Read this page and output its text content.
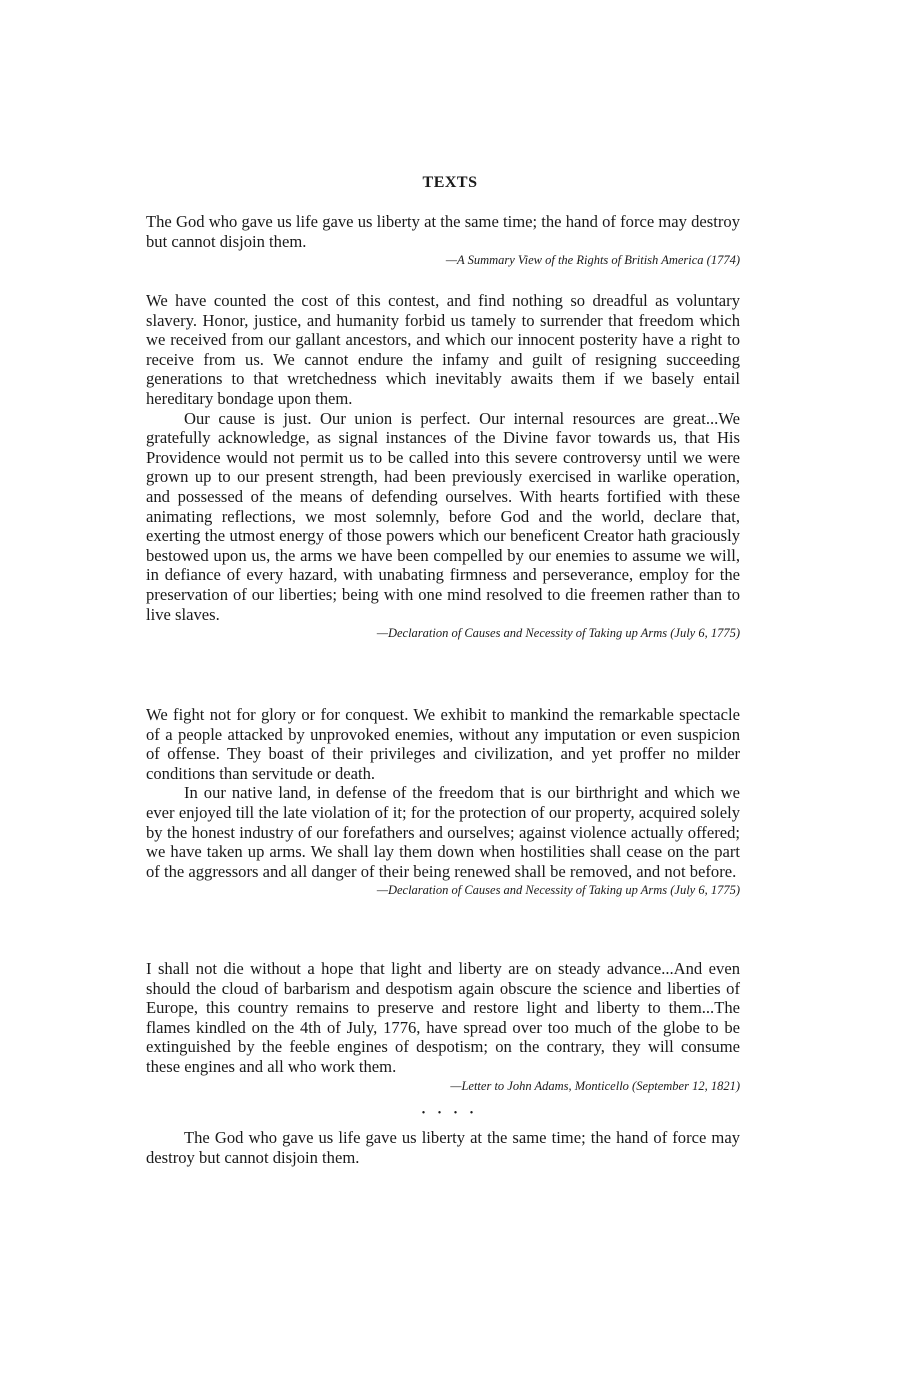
TEXTS

The God who gave us life gave us liberty at the same time; the hand of force may destroy but cannot disjoin them.

—A Summary View of the Rights of British America (1774)

We have counted the cost of this contest, and find nothing so dreadful as voluntary slavery. Honor, justice, and humanity forbid us tamely to surrender that freedom which we received from our gallant ancestors, and which our innocent posterity have a right to receive from us. We cannot endure the infamy and guilt of resigning succeeding generations to that wretchedness which inevitably awaits them if we basely entail hereditary bondage upon them.

Our cause is just. Our union is perfect. Our internal resources are great...We gratefully acknowledge, as signal instances of the Divine favor towards us, that His Providence would not permit us to be called into this severe controversy until we were grown up to our present strength, had been previously exercised in warlike operation, and possessed of the means of defending ourselves. With hearts fortified with these animating reflections, we most solemnly, before God and the world, declare that, exerting the utmost energy of those powers which our beneficent Creator hath graciously bestowed upon us, the arms we have been compelled by our enemies to assume we will, in defiance of every hazard, with unabating firmness and perseverance, employ for the preservation of our liberties; being with one mind resolved to die freemen rather than to live slaves.

—Declaration of Causes and Necessity of Taking up Arms (July 6, 1775)

We fight not for glory or for conquest. We exhibit to mankind the remarkable spectacle of a people attacked by unprovoked enemies, without any imputation or even suspicion of offense. They boast of their privileges and civilization, and yet proffer no milder conditions than servitude or death.

In our native land, in defense of the freedom that is our birthright and which we ever enjoyed till the late violation of it; for the protection of our property, acquired solely by the honest industry of our forefathers and ourselves; against violence actually offered; we have taken up arms. We shall lay them down when hostilities shall cease on the part of the aggressors and all danger of their being renewed shall be removed, and not before.

—Declaration of Causes and Necessity of Taking up Arms (July 6, 1775)

I shall not die without a hope that light and liberty are on steady advance...And even should the cloud of barbarism and despotism again obscure the science and liberties of Europe, this country remains to preserve and restore light and liberty to them...The flames kindled on the 4th of July, 1776, have spread over too much of the globe to be extinguished by the feeble engines of despotism; on the contrary, they will consume these engines and all who work them.

—Letter to John Adams, Monticello (September 12, 1821)

• • • •

The God who gave us life gave us liberty at the same time; the hand of force may destroy but cannot disjoin them.
